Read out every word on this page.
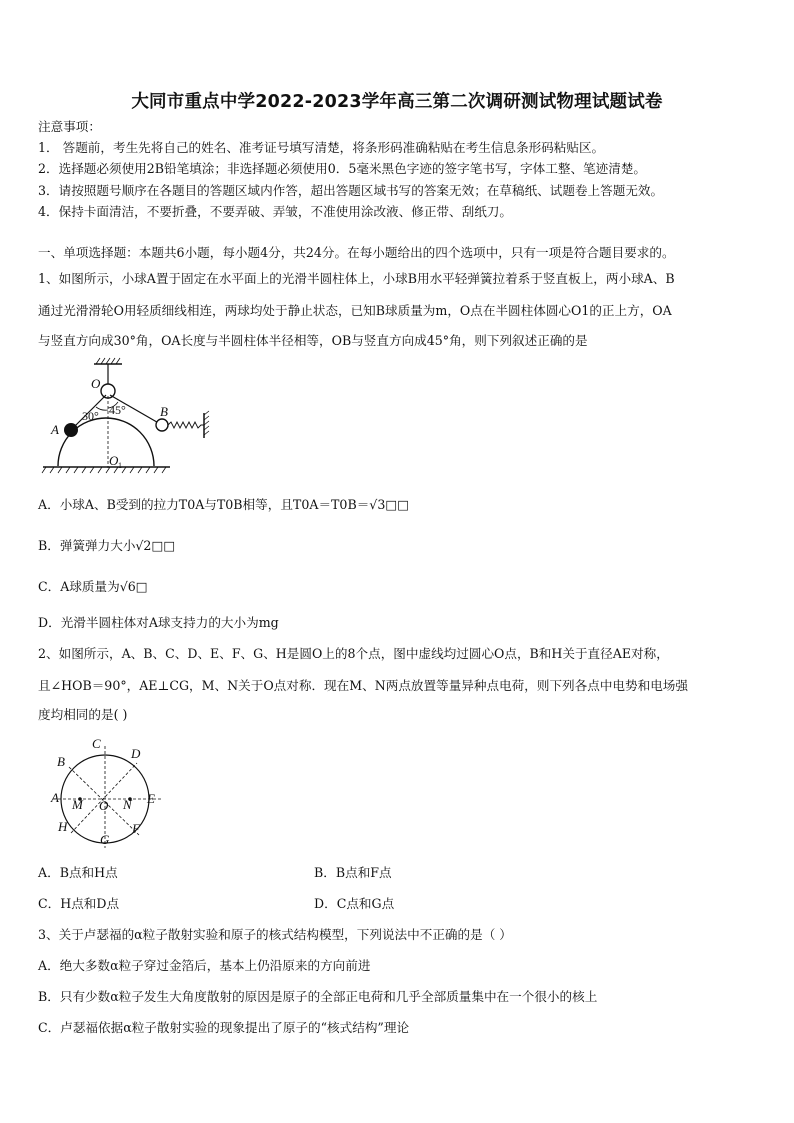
大同市重点中学2022-2023学年高三第二次调研测试物理试题试卷
注意事项：
1． 答题前，考生先将自己的姓名、准考证号填写清楚，将条形码准确粘贴在考生信息条形码粘贴区。
2．选择题必须使用2B铅笔填涂；非选择题必须使用0．5毫米黑色字迹的签字笔书写，字体工整、笔迹清楚。
3．请按照题号顺序在各题目的答题区域内作答，超出答题区域书写的答案无效；在草稿纸、试题卷上答题无效。
4．保持卡面清洁，不要折叠，不要弄破、弄皱，不准使用涂改液、修正带、刮纸刀。
一、单项选择题：本题共6小题，每小题4分，共24分。在每小题给出的四个选项中，只有一项是符合题目要求的。
1、如图所示，小球A置于固定在水平面上的光滑半圆柱体上，小球B用水平轻弹簧拉着系于竖直板上，两小球A、B
通过光滑滑轮O用轻质细线相连，两球均处于静止状态，已知B球质量为m，O点在半圆柱体圆心O1的正上方，OA
与竖直方向成30°角，OA长度与半圆柱体半径相等，OB与竖直方向成45°角，则下列叙述正确的是
O
A
B
30° 45°
O 1
A．小球A、B受到的拉力T0A与T0B相等，且T0A＝T0B＝√3□□
B．弹簧弹力大小√2□□
C．A球质量为√6□
D．光滑半圆柱体对A球支持力的大小为mg
2、如图所示，A、B、C、D、E、F、G、H是圆O上的8个点，图中虚线均过圆心O点，B和H关于直径AE对称，
且∠HOB＝90°，AE⊥CG，M、N关于O点对称．现在M、N两点放置等量异种点电荷，则下列各点中电势和电场强
度均相同的是( )
C
D
B
A	E
H	F
G
M	N
O
A．B点和H点	B．B点和F点
C．H点和D点	D．C点和G点
3、关于卢瑟福的α粒子散射实验和原子的核式结构模型，下列说法中不正确的是（ ）
A．绝大多数α粒子穿过金箔后，基本上仍沿原来的方向前进
B．只有少数α粒子发生大角度散射的原因是原子的全部正电荷和几乎全部质量集中在一个很小的核上
C．卢瑟福依据α粒子散射实验的现象提出了原子的“核式结构”理论
